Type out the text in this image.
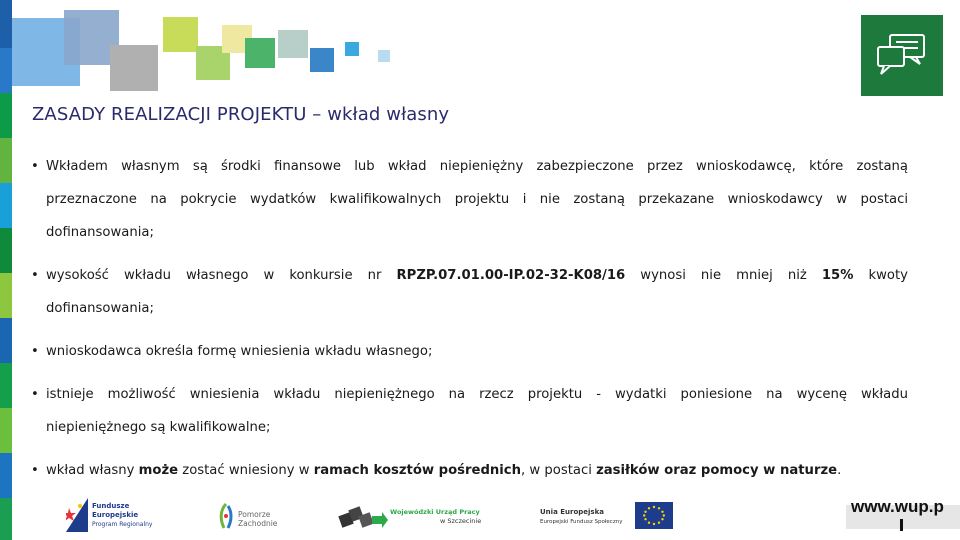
ZASADY REALIZACJI PROJEKTU – wkład własny
• Wkładem własnym są środki finansowe lub wkład niepieniężny zabezpieczone przez wnioskodawcę, które zostaną
przeznaczone na pokrycie wydatków kwalifikowalnych projektu i nie zostaną przekazane wnioskodawcy w postaci
dofinansowania;
• wysokość wkładu własnego w konkursie nr RPZP.07.01.00-IP.02-32-K08/16 wynosi nie mniej niż 15% kwoty
dofinansowania;
• wnioskodawca określa formę wniesienia wkładu własnego;
• istnieje możliwość wniesienia wkładu niepieniężnego na rzecz projektu - wydatki poniesione na wycenę wkładu
niepieniężnego są kwalifikowalne;
• wkład własny może zostać wniesiony w ramach kosztów pośrednich, w postaci zasiłków oraz pomocy w naturze.
Fundusze
Europejskie
Program Regionalny
Pomorze
Zachodnie
Wojewódzki Urząd Pracy
w Szczecinie
Unia Europejska
Europejski Fundusz Społeczny
www.wup.p
